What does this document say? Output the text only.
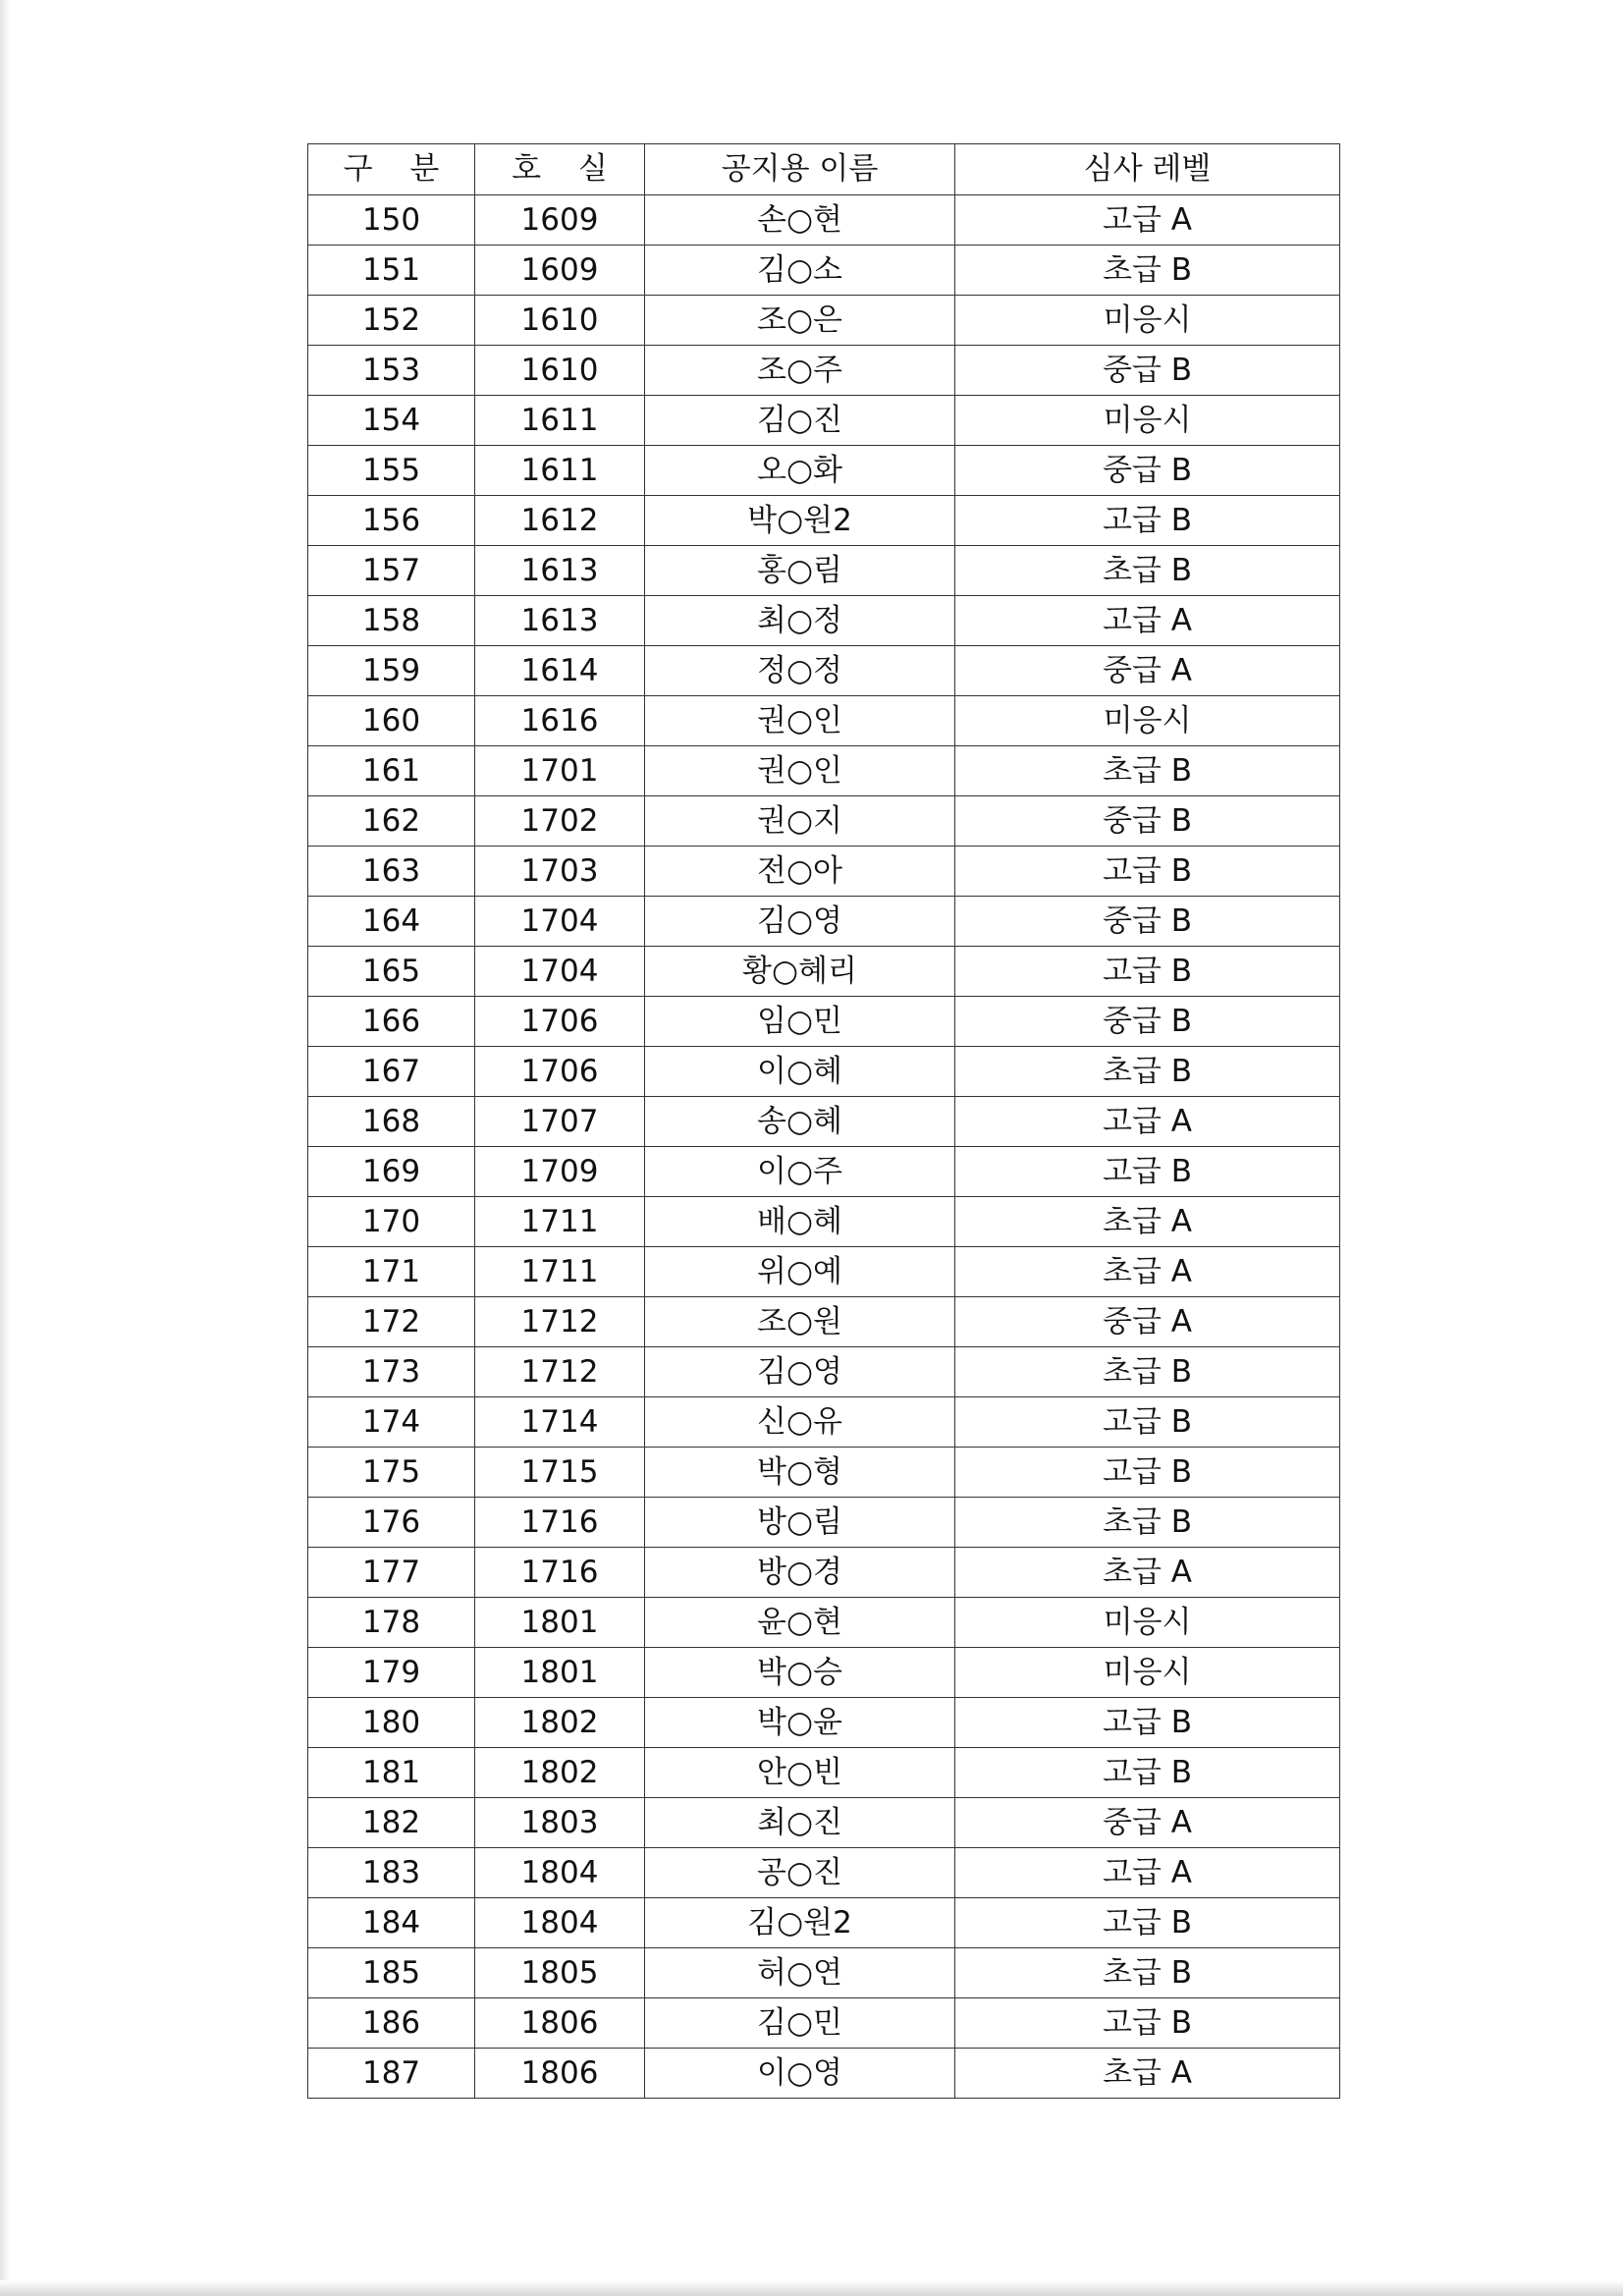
구 분	호 실	공지용 이름	심사 레벨
150	1609	손○현	고급 A
151	1609	김○소	초급 B
152	1610	조○은	미응시
153	1610	조○주	중급 B
154	1611	김○진	미응시
155	1611	오○화	중급 B
156	1612	박○원2	고급 B
157	1613	홍○림	초급 B
158	1613	최○정	고급 A
159	1614	정○정	중급 A
160	1616	권○인	미응시
161	1701	권○인	초급 B
162	1702	권○지	중급 B
163	1703	전○아	고급 B
164	1704	김○영	중급 B
165	1704	황○혜리	고급 B
166	1706	임○민	중급 B
167	1706	이○혜	초급 B
168	1707	송○혜	고급 A
169	1709	이○주	고급 B
170	1711	배○혜	초급 A
171	1711	위○예	초급 A
172	1712	조○원	중급 A
173	1712	김○영	초급 B
174	1714	신○유	고급 B
175	1715	박○형	고급 B
176	1716	방○림	초급 B
177	1716	방○경	초급 A
178	1801	윤○현	미응시
179	1801	박○승	미응시
180	1802	박○윤	고급 B
181	1802	안○빈	고급 B
182	1803	최○진	중급 A
183	1804	공○진	고급 A
184	1804	김○원2	고급 B
185	1805	허○연	초급 B
186	1806	김○민	고급 B
187	1806	이○영	초급 A
